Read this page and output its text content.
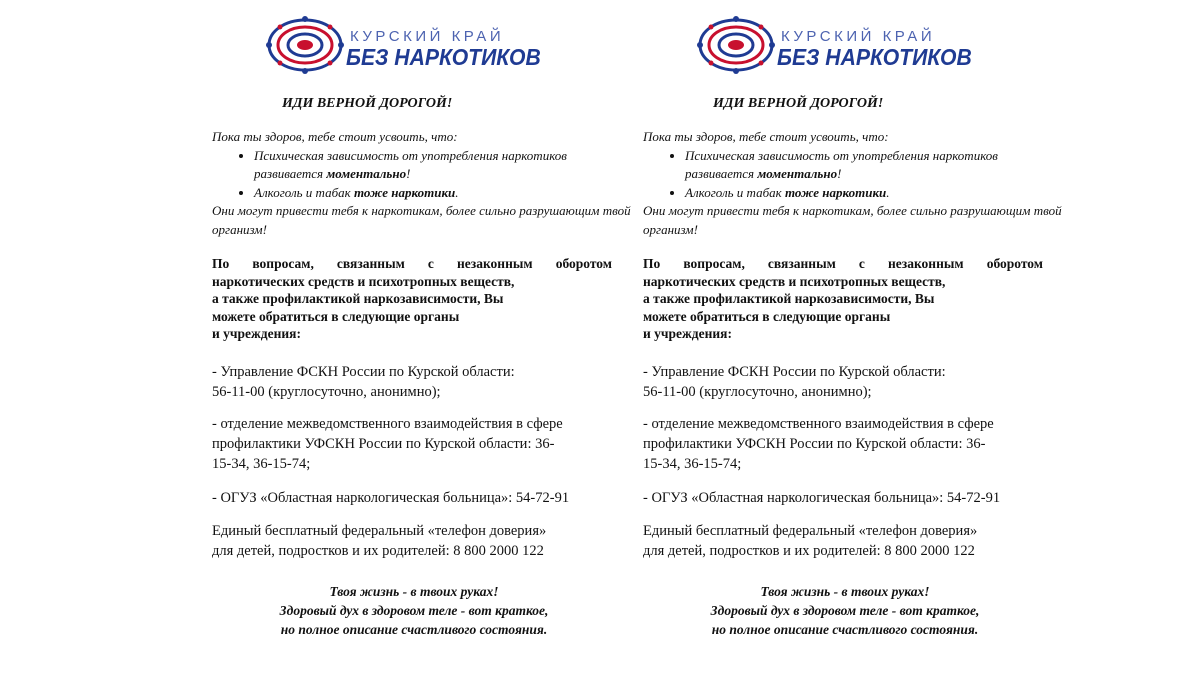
КУРСКИЙ КРАЙ
БЕЗ НАРКОТИКОВ
ИДИ ВЕРНОЙ ДОРОГОЙ!

Пока ты здоров, тебе стоит усвоить, что:

• Психическая зависимость от употребления наркотиков развивается моментально!
• Алкоголь и табак тоже наркотики.

Они могут привести тебя к наркотикам, более сильно разрушающим твой организм!

По вопросам, связанным с незаконным оборотом
наркотических средств и психотропных веществ,
а также профилактикой наркозависимости, Вы
можете обратиться в следующие органы
и учреждения:
- Управление ФСКН России по Курской области:
56-11-00 (круглосуточно, анонимно);
- отделение межведомственного взаимодействия в сфере
профилактики УФСКН России по Курской области: 36-
15-34, 36-15-74;
- ОГУЗ «Областная наркологическая больница»: 54-72-91
Единый бесплатный федеральный «телефон доверия»
для детей, подростков и их родителей: 8 800 2000 122
Твоя жизнь - в твоих руках!
Здоровый дух в здоровом теле - вот краткое,
но полное описание счастливого состояния.
КУРСКИЙ КРАЙ
БЕЗ НАРКОТИКОВ
ИДИ ВЕРНОЙ ДОРОГОЙ!

Пока ты здоров, тебе стоит усвоить, что:

• Психическая зависимость от употребления наркотиков развивается моментально!
• Алкоголь и табак тоже наркотики.

Они могут привести тебя к наркотикам, более сильно разрушающим твой организм!

По вопросам, связанным с незаконным оборотом
наркотических средств и психотропных веществ,
а также профилактикой наркозависимости, Вы
можете обратиться в следующие органы
и учреждения:
- Управление ФСКН России по Курской области:
56-11-00 (круглосуточно, анонимно);
- отделение межведомственного взаимодействия в сфере
профилактики УФСКН России по Курской области: 36-
15-34, 36-15-74;
- ОГУЗ «Областная наркологическая больница»: 54-72-91
Единый бесплатный федеральный «телефон доверия»
для детей, подростков и их родителей: 8 800 2000 122
Твоя жизнь - в твоих руках!
Здоровый дух в здоровом теле - вот краткое,
но полное описание счастливого состояния.
